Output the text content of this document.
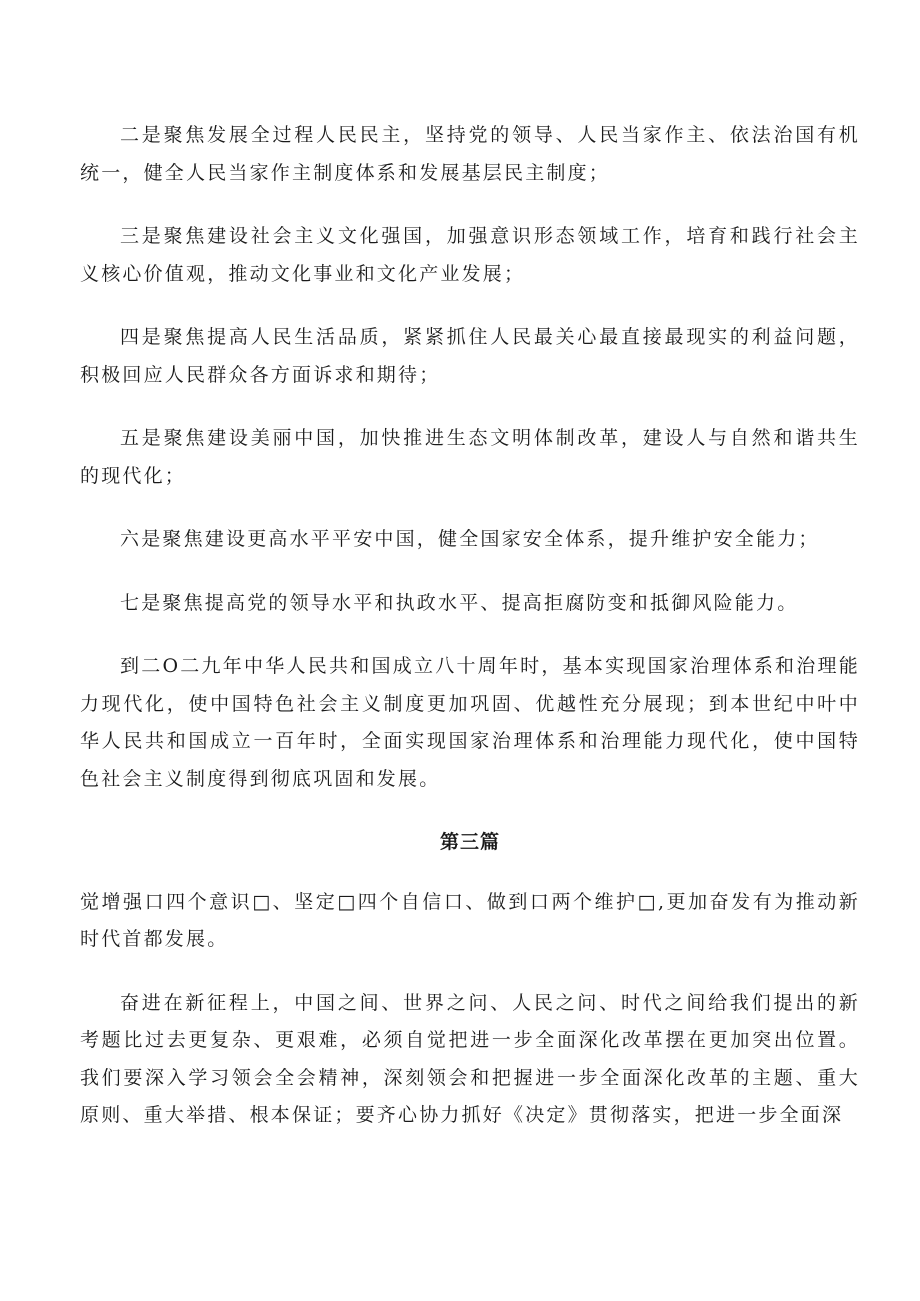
二是聚焦发展全过程人民民主，坚持党的领导、人民当家作主、依法治国有机统一，健全人民当家作主制度体系和发展基层民主制度；

三是聚焦建设社会主义文化强国，加强意识形态领域工作，培育和践行社会主义核心价值观，推动文化事业和文化产业发展；

四是聚焦提高人民生活品质，紧紧抓住人民最关心最直接最现实的利益问题，积极回应人民群众各方面诉求和期待；

五是聚焦建设美丽中国，加快推进生态文明体制改革，建设人与自然和谐共生的现代化；

六是聚焦建设更高水平平安中国，健全国家安全体系，提升维护安全能力；

七是聚焦提高党的领导水平和执政水平、提高拒腐防变和抵御风险能力。

到二O二九年中华人民共和国成立八十周年时，基本实现国家治理体系和治理能力现代化，使中国特色社会主义制度更加巩固、优越性充分展现；到本世纪中叶中华人民共和国成立一百年时，全面实现国家治理体系和治理能力现代化，使中国特色社会主义制度得到彻底巩固和发展。

第三篇

觉增强口四个意识□、坚定□四个自信口、做到口两个维护□,更加奋发有为推动新时代首都发展。

奋进在新征程上，中国之间、世界之问、人民之问、时代之间给我们提出的新考题比过去更复杂、更艰难，必须自觉把进一步全面深化改革摆在更加突出位置。我们要深入学习领会全会精神，深刻领会和把握进一步全面深化改革的主题、重大原则、重大举措、根本保证；要齐心协力抓好《决定》贯彻落实，把进一步全面深
